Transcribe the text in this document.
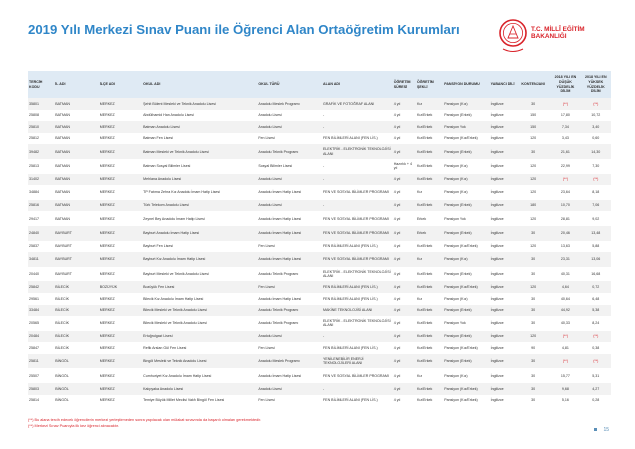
2019 Yılı Merkezi Sınav Puanı ile Öğrenci Alan Ortaöğretim Kurumları	T.C. MİLLÎ EĞİTİM
BAKANLIĞI
TERCİH KODU	İL ADI	İLÇE ADI	OKUL ADI	OKUL TÜRÜ	ALAN ADI	ÖĞRETİM SÜRESİ	ÖĞRETİM ŞEKLİ	PANSİYON DURUMU	YABANCI DİLİ	KONTENJANI	2018 YILI EN DÜŞÜK YÜZDELİK DİLİM	2018 YILI EN YÜKSEK YÜZDELİK DİLİM
35801	BATMAN	MERKEZ	Şehit Bülent Mesleki ve Teknik Anadolu Lisesi	Anadolu Meslek Programı	GRAFİK VE FOTOĞRAF ALANI	4 yıl	Kız	Pansiyon (Kız)	İngilizce	30	(**)	(**)
25808	BATMAN	MERKEZ	Abdülhamid Han Anadolu Lisesi	Anadolu Lisesi	-	4 yıl	Kız/Erkek	Pansiyon (Erkek)	İngilizce	150	17,80	10,72
25810	BATMAN	MERKEZ	Batman Anadolu Lisesi	Anadolu Lisesi	-	4 yıl	Kız/Erkek	Pansiyon Yok	İngilizce	150	7,34	3,40
25812	BATMAN	MERKEZ	Batman Fen Lisesi	Fen Lisesi	FEN BİLİMLERİ ALANI (FEN LİS.)	4 yıl	Kız/Erkek	Pansiyon (Kız/Erkek)	İngilizce	120	3,43	0,60
39482	BATMAN	MERKEZ	Batman Mesleki ve Teknik Anadolu Lisesi	Anadolu Teknik Programı	ELEKTRİK - ELEKTRONİK TEKNOLOJİSİ ALANI	4 yıl	Kız/Erkek	Pansiyon (Erkek)	İngilizce	30	21,61	14,30
25813	BATMAN	MERKEZ	Batman Sosyal Bilimler Lisesi	Sosyal Bilimler Lisesi	-	Hazırlık + 4 yıl	Kız/Erkek	Pansiyon (Kız)	İngilizce	120	22,99	7,30
31402	BATMAN	MERKEZ	Mehlana Anadolu Lisesi	Anadolu Lisesi	-	4 yıl	Kız/Erkek	Pansiyon (Kız)	İngilizce	120	(**)	(**)
34884	BATMAN	MERKEZ	TP Fatıma Zehra Kız Anadolu İmam Hatip Lisesi	Anadolu İmam Hatip Lisesi	FEN VE SOSYAL BİLİMLER PROGRAMI	4 yıl	Kız	Pansiyon (Kız)	İngilizce	120	23,64	8,18
25816	BATMAN	MERKEZ	Türk Telekom Anadolu Lisesi	Anadolu Lisesi	-	4 yıl	Kız/Erkek	Pansiyon (Erkek)	İngilizce	180	10,70	7,06
29417	BATMAN	MERKEZ	Zeynel Bey Anadolu İmam Hatip Lisesi	Anadolu İmam Hatip Lisesi	FEN VE SOSYAL BİLİMLER PROGRAMI	4 yıl	Erkek	Pansiyon Yok	İngilizce	120	28,81	9,02
24840	BAYBURT	MERKEZ	Bayburt Anadolu İmam Hatip Lisesi	Anadolu İmam Hatip Lisesi	FEN VE SOSYAL BİLİMLER PROGRAMI	4 yıl	Erkek	Pansiyon (Erkek)	İngilizce	30	20,46	13,48
25837	BAYBURT	MERKEZ	Bayburt Fen Lisesi	Fen Lisesi	FEN BİLİMLERİ ALANI (FEN LİS.)	4 yıl	Kız/Erkek	Pansiyon (Kız/Erkek)	İngilizce	120	13,63	5,88
34811	BAYBURT	MERKEZ	Bayburt Kız Anadolu İmam Hatip Lisesi	Anadolu İmam Hatip Lisesi	FEN VE SOSYAL BİLİMLER PROGRAMI	4 yıl	Kız	Pansiyon (Kız)	İngilizce	30	23,31	13,06
20440	BAYBURT	MERKEZ	Bayburt Mesleki ve Teknik Anadolu Lisesi	Anadolu Teknik Programı	ELEKTRİK - ELEKTRONİK TEKNOLOJİSİ ALANI	4 yıl	Kız/Erkek	Pansiyon (Erkek)	İngilizce	30	40,31	16,68
25842	BİLECİK	BOZÜYÜK	Bozüyük Fen Lisesi	Fen Lisesi	FEN BİLİMLERİ ALANI (FEN LİS.)	4 yıl	Kız/Erkek	Pansiyon (Kız/Erkek)	İngilizce	120	4,64	0,72
29561	BİLECİK	MERKEZ	Bilecik Kız Anadolu İmam Hatip Lisesi	Anadolu İmam Hatip Lisesi	FEN BİLİMLERİ ALANI (FEN LİS.)	4 yıl	Kız	Pansiyon (Kız)	İngilizce	30	40,64	6,48
33484	BİLECİK	MERKEZ	Bilecik Mesleki ve Teknik Anadolu Lisesi	Anadolu Teknik Programı	MAKİNE TEKNOLOJİSİ ALANI	4 yıl	Kız/Erkek	Pansiyon (Erkek)	İngilizce	30	44,92	5,38
20565	BİLECİK	MERKEZ	Bilecik Mesleki ve Teknik Anadolu Lisesi	Anadolu Teknik Programı	ELEKTRİK - ELEKTRONİK TEKNOLOJİSİ ALANI	4 yıl	Kız/Erkek	Pansiyon Yok	İngilizce	30	40,33	8,24
20484	BİLECİK	MERKEZ	Ertuğrulgazi Lisesi	Anadolu Lisesi	-	4 yıl	Kız/Erkek	Pansiyon (Erkek)	İngilizce	120	(**)	(**)
25847	BİLECİK	MERKEZ	Refik Arslan Gül Fen Lisesi	Fen Lisesi	FEN BİLİMLERİ ALANI (FEN LİS.)	4 yıl	Kız/Erkek	Pansiyon (Kız/Erkek)	İngilizce	90	4,81	0,38
25811	BİNGÖL	MERKEZ	Bingöl Mesleki ve Teknik Anadolu Lisesi	Anadolu Meslek Programı	YENİLENEBİLİR ENERJİ TEKNOLOJİLERİ ALANI	4 yıl	Kız/Erkek	Pansiyon (Erkek)	İngilizce	30	(**)	(**)
25507	BİNGÖL	MERKEZ	Cumhuriyet Kız Anadolu İmam Hatip Lisesi	Anadolu İmam Hatip Lisesi	FEN VE SOSYAL BİLİMLER PROGRAMI	4 yıl	Kız	Pansiyon (Kız)	İngilizce	30	15,77	5,31
25803	BİNGÖL	MERKEZ	Kalıpyaka Anadolu Lisesi	Anadolu Lisesi	-	4 yıl	Kız/Erkek	Pansiyon (Kız/Erkek)	İngilizce	30	9,68	4,27
25814	BİNGÖL	MERKEZ	Temiye Büyük Millet Meclisi Vakfı Bingöl Fen Lisesi	Fen Lisesi	FEN BİLİMLERİ ALANI (FEN LİS.)	4 yıl	Kız/Erkek	Pansiyon (Kız/Erkek)	İngilizce	30	5,16	0,28
(**) Bu alana tercih edecek öğrencilerin merkezi yerleştirmeden sonra yapılacak olan mülakat sınavında da başarılı olmaları gerekmektedir.
(**) Merkezi Sınav Puanıyla ilk kez öğrenci alınacaktır.
15
